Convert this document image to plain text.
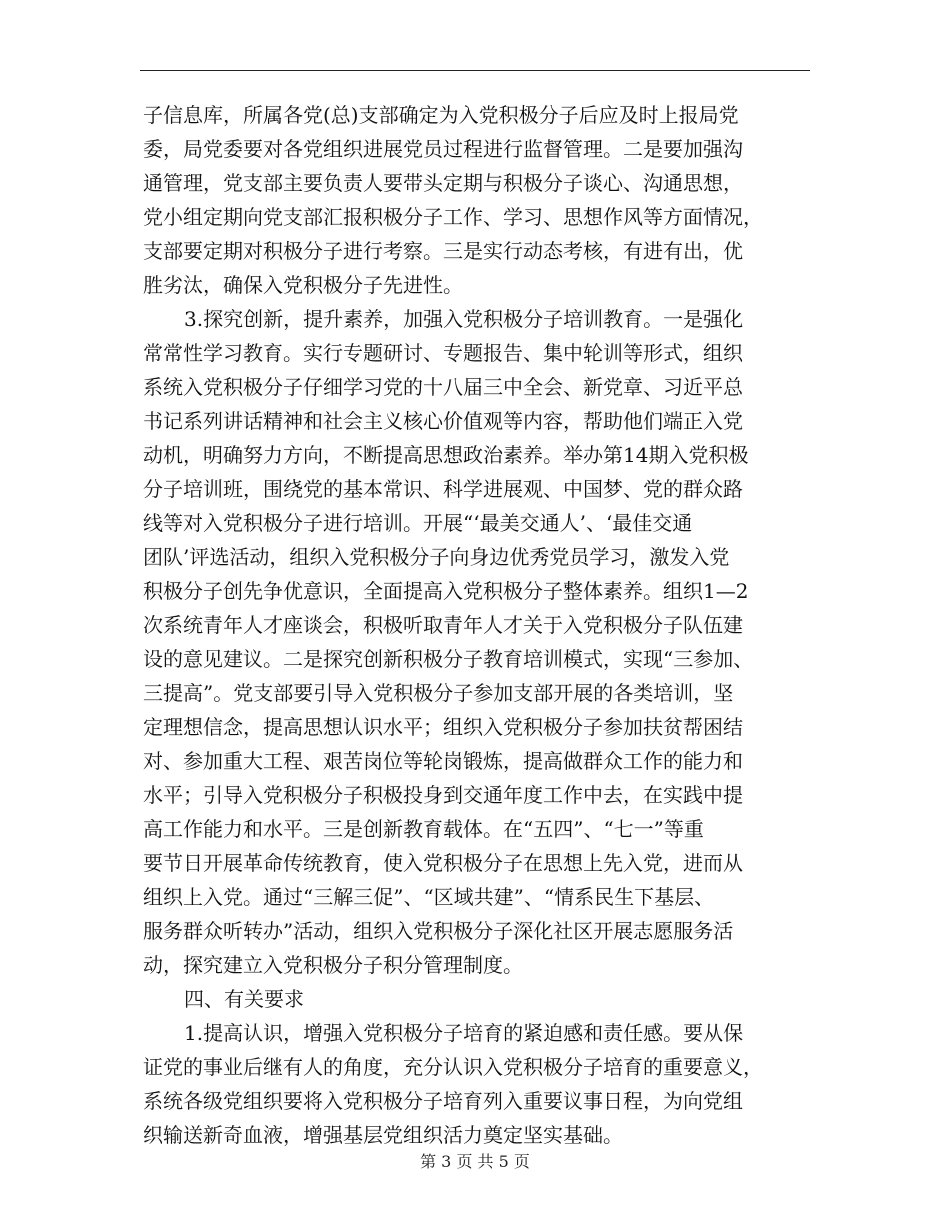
子信息库，所属各党(总)支部确定为入党积极分子后应及时上报局党
委，局党委要对各党组织进展党员过程进行监督管理。二是要加强沟
通管理，党支部主要负责人要带头定期与积极分子谈心、沟通思想，
党小组定期向党支部汇报积极分子工作、学习、思想作风等方面情况，
支部要定期对积极分子进行考察。三是实行动态考核，有进有出，优
胜劣汰，确保入党积极分子先进性。
3.探究创新，提升素养，加强入党积极分子培训教育。一是强化
常常性学习教育。实行专题研讨、专题报告、集中轮训等形式，组织
系统入党积极分子仔细学习党的十八届三中全会、新党章、习近平总
书记系列讲话精神和社会主义核心价值观等内容，帮助他们端正入党
动机，明确努力方向，不断提高思想政治素养。举办第14期入党积极
分子培训班，围绕党的基本常识、科学进展观、中国梦、党的群众路
线等对入党积极分子进行培训。开展“‘最美交通人’、‘最佳交通
团队’评选活动，组织入党积极分子向身边优秀党员学习，激发入党
积极分子创先争优意识，全面提高入党积极分子整体素养。组织1—2
次系统青年人才座谈会，积极听取青年人才关于入党积极分子队伍建
设的意见建议。二是探究创新积极分子教育培训模式，实现“三参加、
三提高”。党支部要引导入党积极分子参加支部开展的各类培训，坚
定理想信念，提高思想认识水平；组织入党积极分子参加扶贫帮困结
对、参加重大工程、艰苦岗位等轮岗锻炼，提高做群众工作的能力和
水平；引导入党积极分子积极投身到交通年度工作中去，在实践中提
高工作能力和水平。三是创新教育载体。在“五四”、“七一”等重
要节日开展革命传统教育，使入党积极分子在思想上先入党，进而从
组织上入党。通过“三解三促”、“区域共建”、“情系民生下基层、
服务群众听转办”活动，组织入党积极分子深化社区开展志愿服务活
动，探究建立入党积极分子积分管理制度。
四、有关要求
1.提高认识，增强入党积极分子培育的紧迫感和责任感。要从保
证党的事业后继有人的角度，充分认识入党积极分子培育的重要意义，
系统各级党组织要将入党积极分子培育列入重要议事日程，为向党组
织输送新奇血液，增强基层党组织活力奠定坚实基础。
第 3 页 共 5 页
